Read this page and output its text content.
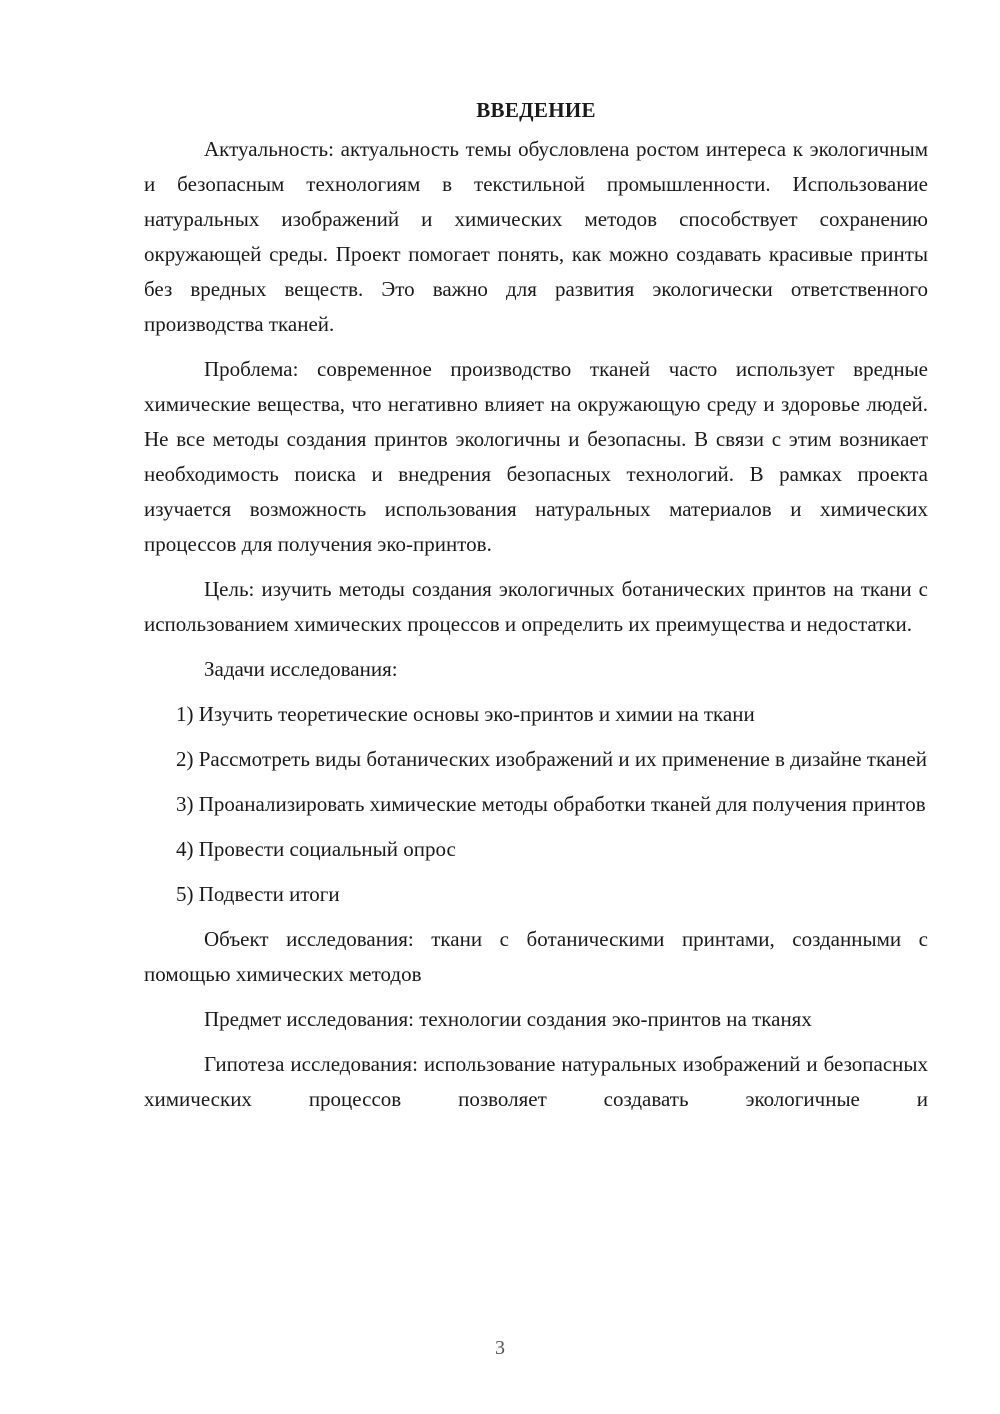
ВВЕДЕНИЕ

Актуальность: актуальность темы обусловлена ростом интереса к экологичным и безопасным технологиям в текстильной промышленности. Использование натуральных изображений и химических методов способствует сохранению окружающей среды. Проект помогает понять, как можно создавать красивые принты без вредных веществ. Это важно для развития экологически ответственного производства тканей.

Проблема: современное производство тканей часто использует вредные химические вещества, что негативно влияет на окружающую среду и здоровье людей. Не все методы создания принтов экологичны и безопасны. В связи с этим возникает необходимость поиска и внедрения безопасных технологий. В рамках проекта изучается возможность использования натуральных материалов и химических процессов для получения эко-принтов.

Цель: изучить методы создания экологичных ботанических принтов на ткани с использованием химических процессов и определить их преимущества и недостатки.

Задачи исследования:

1) Изучить теоретические основы эко-принтов и химии на ткани

2) Рассмотреть виды ботанических изображений и их применение в дизайне тканей

3) Проанализировать химические методы обработки тканей для получения принтов

4) Провести социальный опрос

5) Подвести итоги

Объект исследования: ткани с ботаническими принтами, созданными с помощью химических методов

Предмет исследования: технологии создания эко-принтов на тканях

Гипотеза исследования: использование натуральных изображений и безопасных химических процессов позволяет создавать экологичные и

3
